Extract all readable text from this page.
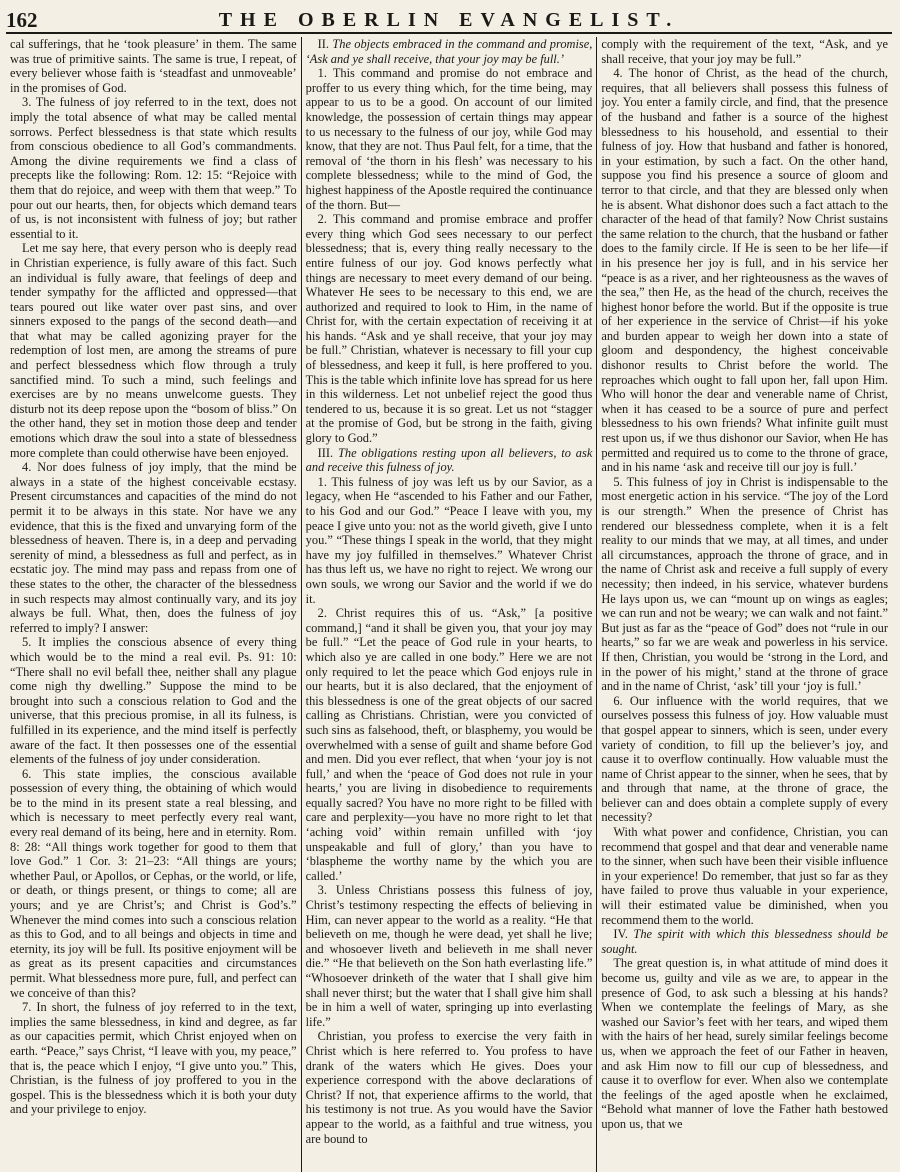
162	THE OBERLIN EVANGELIST.

cal sufferings, that he ‘took pleasure’ in them. The same was true of primitive saints. The same is true, I repeat, of every believer whose faith is ‘steadfast and unmoveable’ in the promises of God.

3. The fulness of joy referred to in the text, does not imply the total absence of what may be called mental sorrows. Perfect blessedness is that state which results from conscious obedience to all God’s commandments. Among the divine requirements we find a class of precepts like the following: Rom. 12: 15: “Rejoice with them that do rejoice, and weep with them that weep.” To pour out our hearts, then, for objects which demand tears of us, is not inconsistent with fulness of joy; but rather essential to it.

Let me say here, that every person who is deeply read in Christian experience, is fully aware of this fact. Such an individual is fully aware, that feelings of deep and tender sympathy for the afflicted and oppressed—that tears poured out like water over past sins, and over sinners exposed to the pangs of the second death—and that what may be called agonizing prayer for the redemption of lost men, are among the streams of pure and perfect blessedness which flow through a truly sanctified mind. To such a mind, such feelings and exercises are by no means unwelcome guests. They disturb not its deep repose upon the “bosom of bliss.” On the other hand, they set in motion those deep and tender emotions which draw the soul into a state of blessedness more complete than could otherwise have been enjoyed.

4. Nor does fulness of joy imply, that the mind be always in a state of the highest conceivable ecstasy. Present circumstances and capacities of the mind do not permit it to be always in this state. Nor have we any evidence, that this is the fixed and unvarying form of the blessedness of heaven. There is, in a deep and pervading serenity of mind, a blessedness as full and perfect, as in ecstatic joy. The mind may pass and repass from one of these states to the other, the character of the blessedness in such respects may almost continually vary, and its joy always be full. What, then, does the fulness of joy referred to imply? I answer:

5. It implies the conscious absence of every thing which would be to the mind a real evil. Ps. 91: 10: “There shall no evil befall thee, neither shall any plague come nigh thy dwelling.” Suppose the mind to be brought into such a conscious relation to God and the universe, that this precious promise, in all its fulness, is fulfilled in its experience, and the mind itself is perfectly aware of the fact. It then possesses one of the essential elements of the fulness of joy under consideration.

6. This state implies, the conscious available possession of every thing, the obtaining of which would be to the mind in its present state a real blessing, and which is necessary to meet perfectly every real want, every real demand of its being, here and in eternity. Rom. 8: 28: “All things work together for good to them that love God.” 1 Cor. 3: 21–23: “All things are yours; whether Paul, or Apollos, or Cephas, or the world, or life, or death, or things present, or things to come; all are yours; and ye are Christ’s; and Christ is God’s.” Whenever the mind comes into such a conscious relation as this to God, and to all beings and objects in time and eternity, its joy will be full. Its positive enjoyment will be as great as its present capacities and circumstances permit. What blessedness more pure, full, and perfect can we conceive of than this?

7. In short, the fulness of joy referred to in the text, implies the same blessedness, in kind and degree, as far as our capacities permit, which Christ enjoyed when on earth. “Peace,” says Christ, “I leave with you, my peace,” that is, the peace which I enjoy, “I give unto you.” This, Christian, is the fulness of joy proffered to you in the gospel. This is the blessedness which it is both your duty and your privilege to enjoy.

II. The objects embraced in the command and promise, ‘Ask and ye shall receive, that your joy may be full.’

1. This command and promise do not embrace and proffer to us every thing which, for the time being, may appear to us to be a good. On account of our limited knowledge, the possession of certain things may appear to us necessary to the fulness of our joy, while God may know, that they are not. Thus Paul felt, for a time, that the removal of ‘the thorn in his flesh’ was necessary to his complete blessedness; while to the mind of God, the highest happiness of the Apostle required the continuance of the thorn. But—

2. This command and promise embrace and proffer every thing which God sees necessary to our perfect blessedness; that is, every thing really necessary to the entire fulness of our joy. God knows perfectly what things are necessary to meet every demand of our being. Whatever He sees to be necessary to this end, we are authorized and required to look to Him, in the name of Christ for, with the certain expectation of receiving it at his hands. “Ask and ye shall receive, that your joy may be full.” Christian, whatever is necessary to fill your cup of blessedness, and keep it full, is here proffered to you. This is the table which infinite love has spread for us here in this wilderness. Let not unbelief reject the good thus tendered to us, because it is so great. Let us not “stagger at the promise of God, but be strong in the faith, giving glory to God.”

III. The obligations resting upon all believers, to ask and receive this fulness of joy.

1. This fulness of joy was left us by our Savior, as a legacy, when He “ascended to his Father and our Father, to his God and our God.” “Peace I leave with you, my peace I give unto you: not as the world giveth, give I unto you.” “These things I speak in the world, that they might have my joy fulfilled in themselves.” Whatever Christ has thus left us, we have no right to reject. We wrong our own souls, we wrong our Savior and the world if we do it.

2. Christ requires this of us. “Ask,” [a positive command,] “and it shall be given you, that your joy may be full.” “Let the peace of God rule in your hearts, to which also ye are called in one body.” Here we are not only required to let the peace which God enjoys rule in our hearts, but it is also declared, that the enjoyment of this blessedness is one of the great objects of our sacred calling as Christians. Christian, were you convicted of such sins as falsehood, theft, or blasphemy, you would be overwhelmed with a sense of guilt and shame before God and men. Did you ever reflect, that when ‘your joy is not full,’ and when the ‘peace of God does not rule in your hearts,’ you are living in disobedience to requirements equally sacred? You have no more right to be filled with care and perplexity—you have no more right to let that ‘aching void’ within remain unfilled with ‘joy unspeakable and full of glory,’ than you have to ‘blaspheme the worthy name by the which you are called.’

3. Unless Christians possess this fulness of joy, Christ’s testimony respecting the effects of believing in Him, can never appear to the world as a reality. “He that believeth on me, though he were dead, yet shall he live; and whosoever liveth and believeth in me shall never die.” “He that believeth on the Son hath everlasting life.” “Whosoever drinketh of the water that I shall give him shall never thirst; but the water that I shall give him shall be in him a well of water, springing up into everlasting life.”

Christian, you profess to exercise the very faith in Christ which is here referred to. You profess to have drank of the waters which He gives. Does your experience correspond with the above declarations of Christ? If not, that experience affirms to the world, that his testimony is not true. As you would have the Savior appear to the world, as a faithful and true witness, you are bound to

comply with the requirement of the text, “Ask, and ye shall receive, that your joy may be full.”

4. The honor of Christ, as the head of the church, requires, that all believers shall possess this fulness of joy. You enter a family circle, and find, that the presence of the husband and father is a source of the highest blessedness to his household, and essential to their fulness of joy. How that husband and father is honored, in your estimation, by such a fact. On the other hand, suppose you find his presence a source of gloom and terror to that circle, and that they are blessed only when he is absent. What dishonor does such a fact attach to the character of the head of that family? Now Christ sustains the same relation to the church, that the husband or father does to the family circle. If He is seen to be her life—if in his presence her joy is full, and in his service her “peace is as a river, and her righteousness as the waves of the sea,” then He, as the head of the church, receives the highest honor before the world. But if the opposite is true of her experience in the service of Christ—if his yoke and burden appear to weigh her down into a state of gloom and despondency, the highest conceivable dishonor results to Christ before the world. The reproaches which ought to fall upon her, fall upon Him. Who will honor the dear and venerable name of Christ, when it has ceased to be a source of pure and perfect blessedness to his own friends? What infinite guilt must rest upon us, if we thus dishonor our Savior, when He has permitted and required us to come to the throne of grace, and in his name ‘ask and receive till our joy is full.’

5. This fulness of joy in Christ is indispensable to the most energetic action in his service. “The joy of the Lord is our strength.” When the presence of Christ has rendered our blessedness complete, when it is a felt reality to our minds that we may, at all times, and under all circumstances, approach the throne of grace, and in the name of Christ ask and receive a full supply of every necessity; then indeed, in his service, whatever burdens He lays upon us, we can “mount up on wings as eagles; we can run and not be weary; we can walk and not faint.” But just as far as the “peace of God” does not “rule in our hearts,” so far we are weak and powerless in his service. If then, Christian, you would be ‘strong in the Lord, and in the power of his might,’ stand at the throne of grace and in the name of Christ, ‘ask’ till your ‘joy is full.’

6. Our influence with the world requires, that we ourselves possess this fulness of joy. How valuable must that gospel appear to sinners, which is seen, under every variety of condition, to fill up the believer’s joy, and cause it to overflow continually. How valuable must the name of Christ appear to the sinner, when he sees, that by and through that name, at the throne of grace, the believer can and does obtain a complete supply of every necessity?

With what power and confidence, Christian, you can recommend that gospel and that dear and venerable name to the sinner, when such have been their visible influence in your experience! Do remember, that just so far as they have failed to prove thus valuable in your experience, will their estimated value be diminished, when you recommend them to the world.

IV. The spirit with which this blessedness should be sought.

The great question is, in what attitude of mind does it become us, guilty and vile as we are, to appear in the presence of God, to ask such a blessing at his hands? When we contemplate the feelings of Mary, as she washed our Savior’s feet with her tears, and wiped them with the hairs of her head, surely similar feelings become us, when we approach the feet of our Father in heaven, and ask Him now to fill our cup of blessedness, and cause it to overflow for ever. When also we contemplate the feelings of the aged apostle when he exclaimed, “Behold what manner of love the Father hath bestowed upon us, that we
